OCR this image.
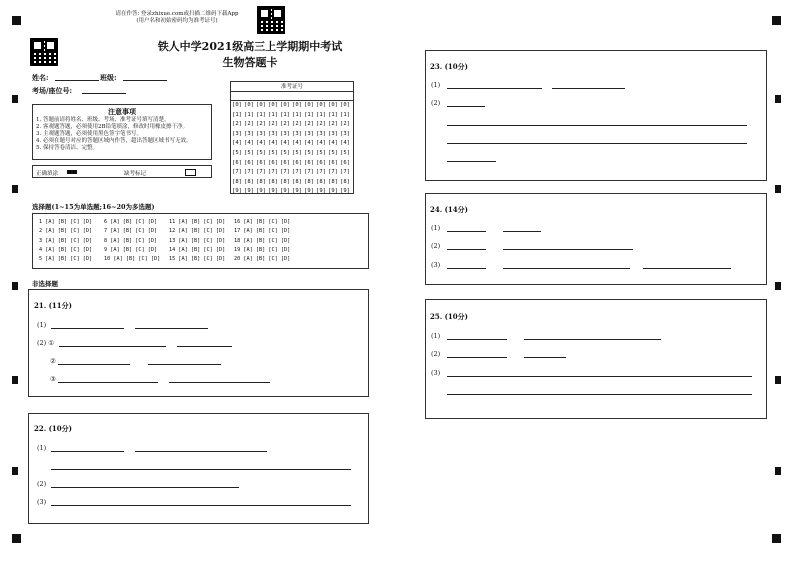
请在作答: 登录zhixue.com或扫描二维码下载App
(用户名和初始密码均为准考证号)
铁人中学2021级高三上学期期中考试
生物答题卡
姓名:	班级:
考场/座位号:
注意事项
1. 答题前请将姓名、班级、考场、准考证号填写清楚。
2. 客观题答题，必须使用2B铅笔填涂，修改时用橡皮擦干净。
3. 主观题答题，必须使用黑色签字笔书写。
4. 必须在题号对应的答题区域内作答，超出答题区域书写无效。
5. 保持答卷清洁、完整。
正确填涂	缺考标记
准考证号
[0] [0] [0] [0] [0] [0] [0] [0] [0] [0]
[1] [1] [1] [1] [1] [1] [1] [1] [1] [1]
[2] [2] [2] [2] [2] [2] [2] [2] [2] [2]
[3] [3] [3] [3] [3] [3] [3] [3] [3] [3]
[4] [4] [4] [4] [4] [4] [4] [4] [4] [4]
[5] [5] [5] [5] [5] [5] [5] [5] [5] [5]
[6] [6] [6] [6] [6] [6] [6] [6] [6] [6]
[7] [7] [7] [7] [7] [7] [7] [7] [7] [7]
[8] [8] [8] [8] [8] [8] [8] [8] [8] [8]
[9] [9] [9] [9] [9] [9] [9] [9] [9] [9]
选择题(1~15为单选题;16~20为多选题)
1 [A] [B] [C] [D]
2 [A] [B] [C] [D]
3 [A] [B] [C] [D]
4 [A] [B] [C] [D]
5 [A] [B] [C] [D]
6 [A] [B] [C] [D]
7 [A] [B] [C] [D]
8 [A] [B] [C] [D]
9 [A] [B] [C] [D]
10 [A] [B] [C] [D]
11 [A] [B] [C] [D]
12 [A] [B] [C] [D]
13 [A] [B] [C] [D]
14 [A] [B] [C] [D]
15 [A] [B] [C] [D]
16 [A] [B] [C] [D]
17 [A] [B] [C] [D]
18 [A] [B] [C] [D]
19 [A] [B] [C] [D]
20 [A] [B] [C] [D]
非选择题
21. (11分)
(1)
(2) ①
②
③
22. (10分)
(1)
(2)
(3)
23. (10分)
(1)
(2)
24. (14分)
(1)
(2)
(3)
25. (10分)
(1)
(2)
(3)
